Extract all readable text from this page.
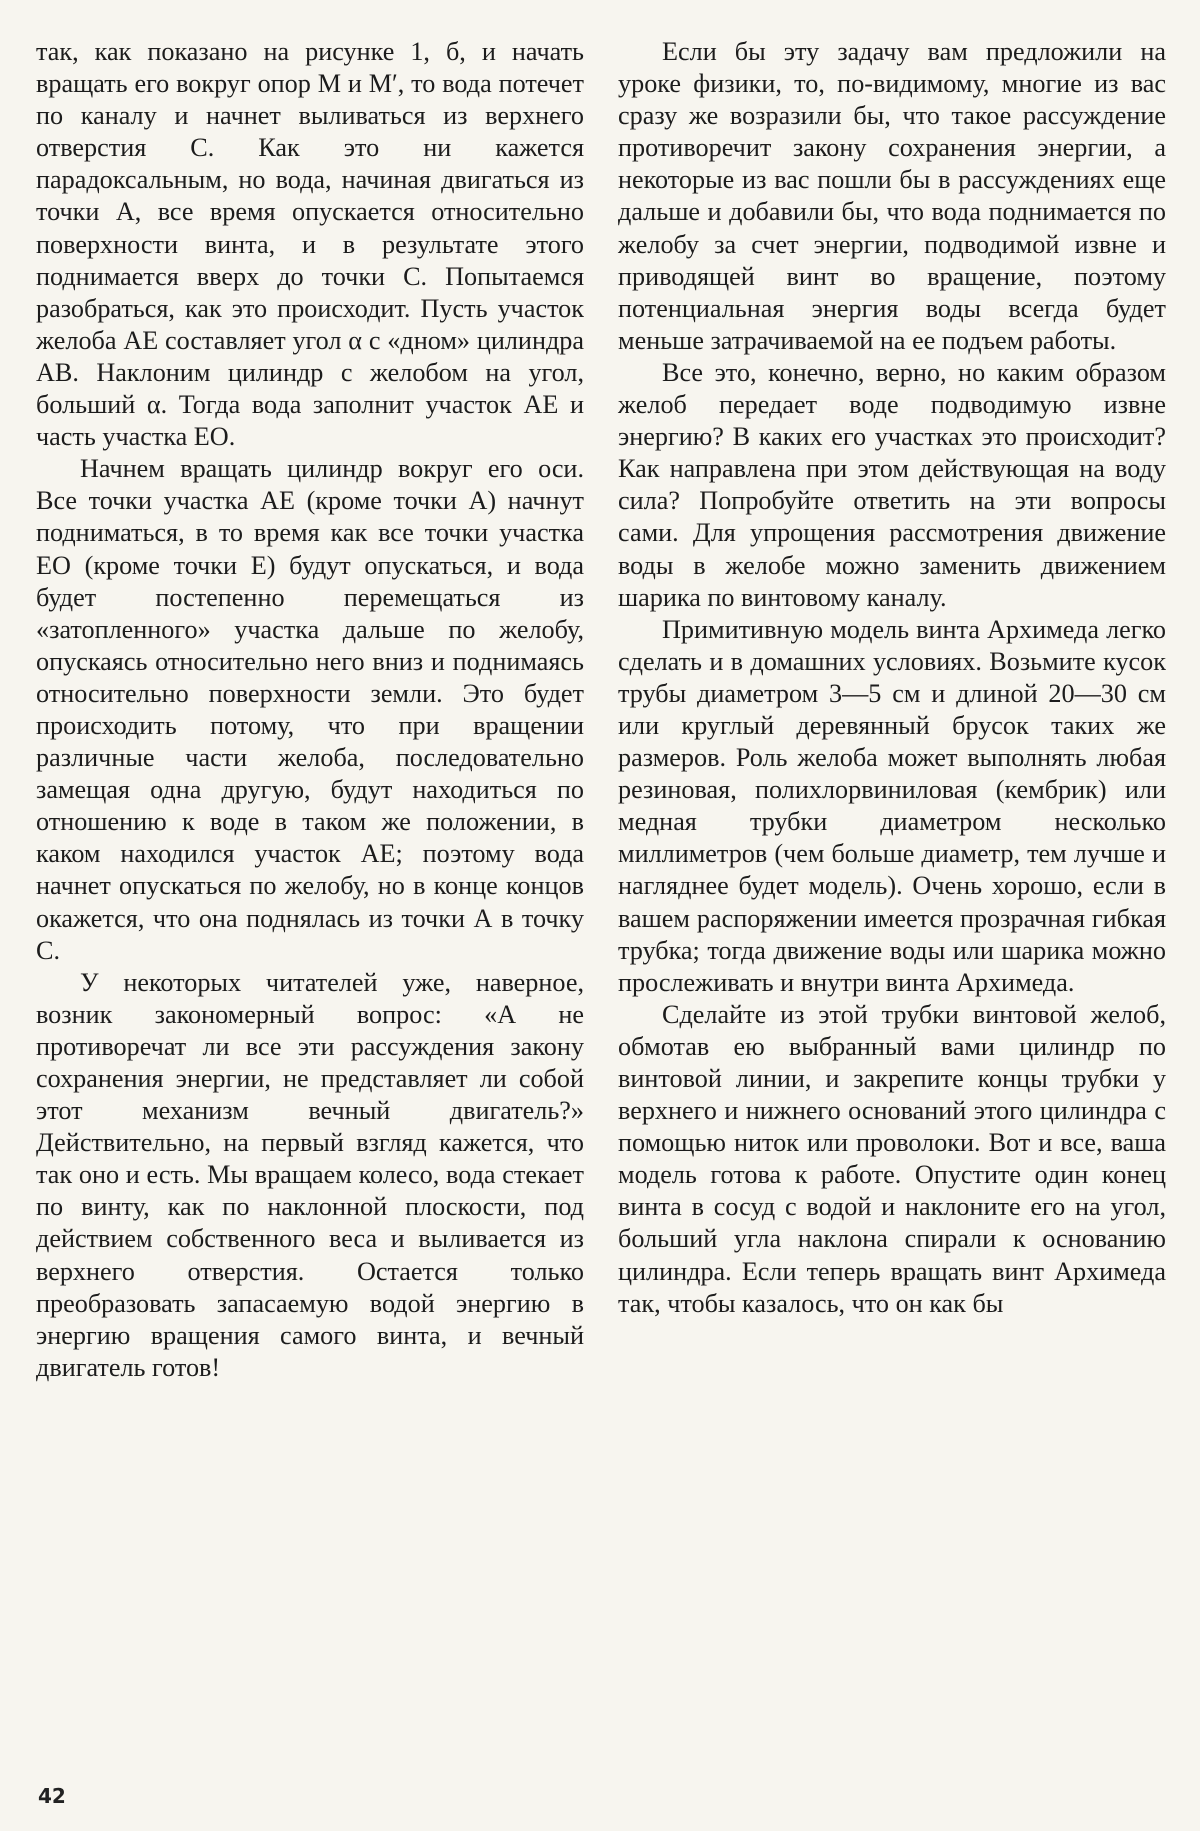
так, как показано на рисунке 1, б, и начать вращать его вокруг опор М и М′, то вода потечет по каналу и начнет выливаться из верхнего отверстия С. Как это ни кажется парадоксальным, но вода, начиная двигаться из точки А, все время опускается относительно поверхности винта, и в результате этого поднимается вверх до точки С. Попытаемся разобраться, как это происходит. Пусть участок желоба АЕ составляет угол α с «дном» цилиндра АВ. Наклоним цилиндр с желобом на угол, больший α. Тогда вода заполнит участок АЕ и часть участка ЕО.

Начнем вращать цилиндр вокруг его оси. Все точки участка АЕ (кроме точки А) начнут подниматься, в то время как все точки участка ЕО (кроме точки Е) будут опускаться, и вода будет постепенно перемещаться из «затопленного» участка дальше по желобу, опускаясь относительно него вниз и поднимаясь относительно поверхности земли. Это будет происходить потому, что при вращении различные части желоба, последовательно замещая одна другую, будут находиться по отношению к воде в таком же положении, в каком находился участок АЕ; поэтому вода начнет опускаться по желобу, но в конце концов окажется, что она поднялась из точки А в точку С.

У некоторых читателей уже, наверное, возник закономерный вопрос: «А не противоречат ли все эти рассуждения закону сохранения энергии, не представляет ли собой этот механизм вечный двигатель?» Действительно, на первый взгляд кажется, что так оно и есть. Мы вращаем колесо, вода стекает по винту, как по наклонной плоскости, под действием собственного веса и выливается из верхнего отверстия. Остается только преобразовать запасаемую водой энергию в энергию вращения самого винта, и вечный двигатель готов!

Если бы эту задачу вам предложили на уроке физики, то, по-видимому, многие из вас сразу же возразили бы, что такое рассуждение противоречит закону сохранения энергии, а некоторые из вас пошли бы в рассуждениях еще дальше и добавили бы, что вода поднимается по желобу за счет энергии, подводимой извне и приводящей винт во вращение, поэтому потенциальная энергия воды всегда будет меньше затрачиваемой на ее подъем работы.

Все это, конечно, верно, но каким образом желоб передает воде подводимую извне энергию? В каких его участках это происходит? Как направлена при этом действующая на воду сила? Попробуйте ответить на эти вопросы сами. Для упрощения рассмотрения движение воды в желобе можно заменить движением шарика по винтовому каналу.

Примитивную модель винта Архимеда легко сделать и в домашних условиях. Возьмите кусок трубы диаметром 3—5 см и длиной 20—30 см или круглый деревянный брусок таких же размеров. Роль желоба может выполнять любая резиновая, полихлорвиниловая (кембрик) или медная трубки диаметром несколько миллиметров (чем больше диаметр, тем лучше и нагляднее будет модель). Очень хорошо, если в вашем распоряжении имеется прозрачная гибкая трубка; тогда движение воды или шарика можно прослеживать и внутри винта Архимеда.

Сделайте из этой трубки винтовой желоб, обмотав ею выбранный вами цилиндр по винтовой линии, и закрепите концы трубки у верхнего и нижнего оснований этого цилиндра с помощью ниток или проволоки. Вот и все, ваша модель готова к работе. Опустите один конец винта в сосуд с водой и наклоните его на угол, больший угла наклона спирали к основанию цилиндра. Если теперь вращать винт Архимеда так, чтобы казалось, что он как бы

42
